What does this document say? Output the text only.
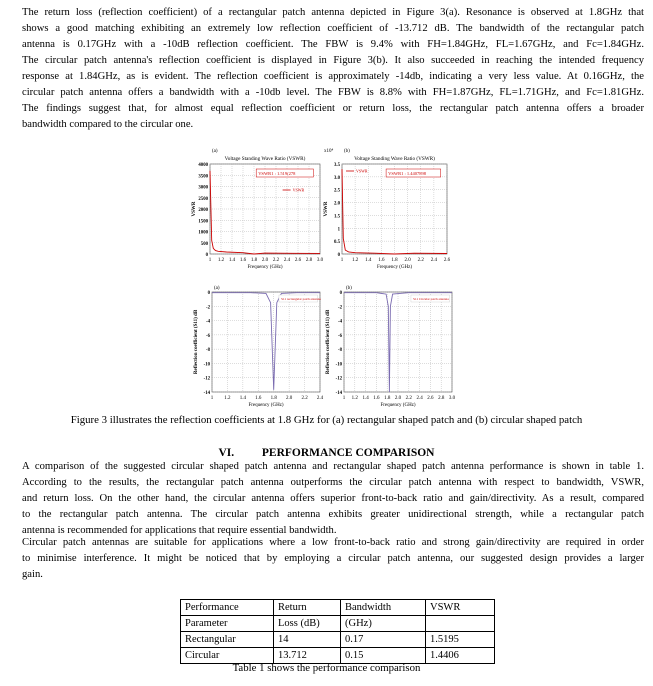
The return loss (reflection coefficient) of a rectangular patch antenna depicted in Figure 3(a). Resonance is observed at 1.8GHz that
shows a good matching exhibiting an extremely low reflection coefficient of -13.712 dB. The bandwidth of the rectangular patch
antenna is 0.17GHz with a -10dB reflection coefficient. The FBW is 9.4% with FH=1.84GHz, FL=1.67GHz, and Fc=1.84GHz.
The circular patch antenna's reflection coefficient is displayed in Figure 3(b). It also succeeded in reaching the intended frequency
response at 1.84GHz, as is evident. The reflection coefficient is approximately -14db, indicating a very less value. At 0.16GHz, the
circular patch antenna offers a bandwidth with a -10db level. The FBW is 8.8% with FH=1.87GHz, FL=1.71GHz, and Fc=1.81GHz.
The findings suggest that, for almost equal reflection coefficient or return loss, the rectangular patch antenna offers a broader
bandwidth compared to the circular one.
(a)
Voltage Standing Wave Ratio (VSWR)
1 1.2 1.4 1.6 1.8 2.0 2.2 2.4 2.6 2.8 3.0
0
500
1000
1500
2000
2500
3000
3500
4000
Frequency (GHz)
VSWR
VSWR1 : 1.519(278
VSWR
(b)
x10⁴
Voltage Standing Wave Ratio (VSWR)
1 1.2 1.4 1.6 1.8 2.0 2.2 2.4 2.6
0
0.5
1
1.5
2.0
2.5
3.0
3.5
Frequency (GHz)
VSWR
VSWR1 : 1.4407898
VSWR
(a)
1 1.2 1.4 1.6 1.8 2.0 2.2 2.4
0
-2
-4
-6
-8
-10
-12
-14
Frequency (GHz)
Reflection coefficient (S11) dB
S11 rectangular patch antenna
(b)
1 1.2 1.4 1.6 1.8 2.0 2.2 2.4 2.6 2.8 3.0
0
-2
-4
-6
-8
-10
-12
-14
Frequency (GHz)
Reflection coefficient (S11) dB
S11 Circular patch antenna
Figure 3 illustrates the reflection coefficients at 1.8 GHz for (a) rectangular shaped patch and (b) circular shaped patch
VI. PERFORMANCE COMPARISON
A comparison of the suggested circular shaped patch antenna and rectangular shaped patch antenna performance is shown in table 1.
According to the results, the rectangular patch antenna outperforms the circular patch antenna with respect to bandwidth, VSWR,
and return loss. On the other hand, the circular antenna offers superior front-to-back ratio and gain/directivity. As a result, compared
to the rectangular patch antenna. The circular patch antenna exhibits greater unidirectional strength, while a rectangular patch
antenna is recommended for applications that require essential bandwidth.
Circular patch antennas are suitable for applications where a low front-to-back ratio and strong gain/directivity are required in order
to minimise interference. It might be noticed that by employing a circular patch antenna, our suggested design provides a larger
gain.
Performance	Return	Bandwidth	VSWR
Parameter	Loss (dB)	(GHz)	
Rectangular	14	0.17	1.5195
Circular	13.712	0.15	1.4406
Table 1 shows the performance comparison
